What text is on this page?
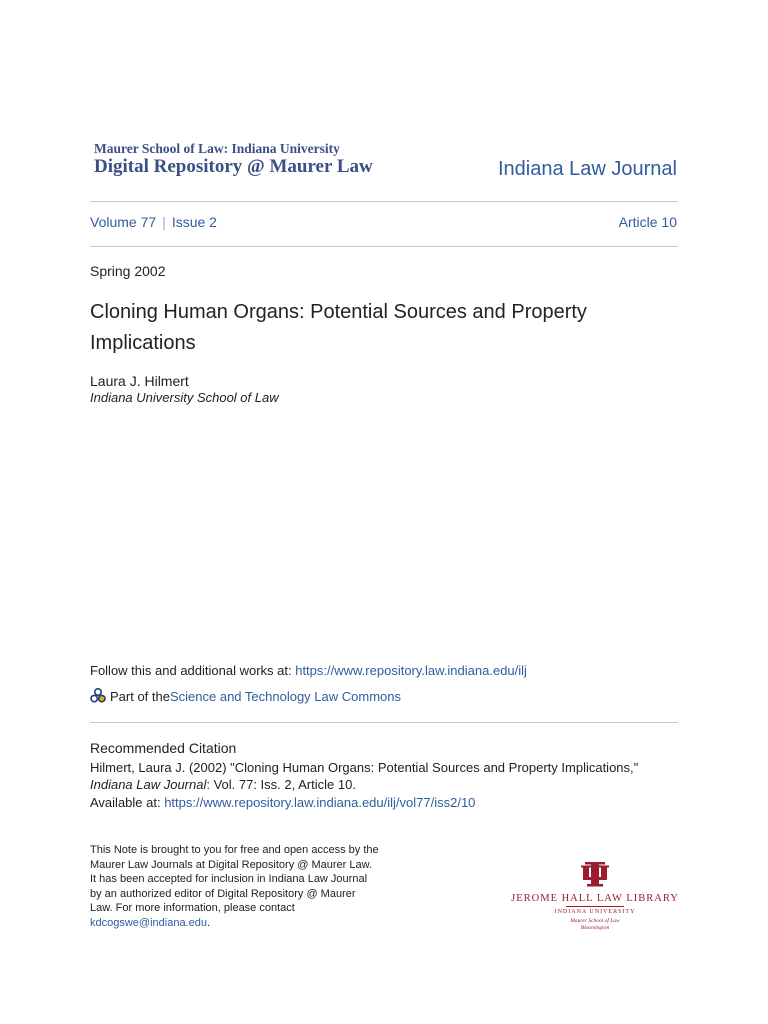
Maurer School of Law: Indiana University
Digital Repository @ Maurer Law	Indiana Law Journal
Volume 77 | Issue 2	Article 10
Spring 2002
Cloning Human Organs: Potential Sources and Property Implications
Laura J. Hilmert
Indiana University School of Law
Follow this and additional works at: https://www.repository.law.indiana.edu/ilj
Part of the Science and Technology Law Commons
Recommended Citation
Hilmert, Laura J. (2002) "Cloning Human Organs: Potential Sources and Property Implications," Indiana Law Journal: Vol. 77: Iss. 2, Article 10.
Available at: https://www.repository.law.indiana.edu/ilj/vol77/iss2/10
This Note is brought to you for free and open access by the Maurer Law Journals at Digital Repository @ Maurer Law. It has been accepted for inclusion in Indiana Law Journal by an authorized editor of Digital Repository @ Maurer Law. For more information, please contact kdcogswe@indiana.edu.
JEROME HALL LAW LIBRARY
INDIANA UNIVERSITY
Maurer School of Law
Bloomington
